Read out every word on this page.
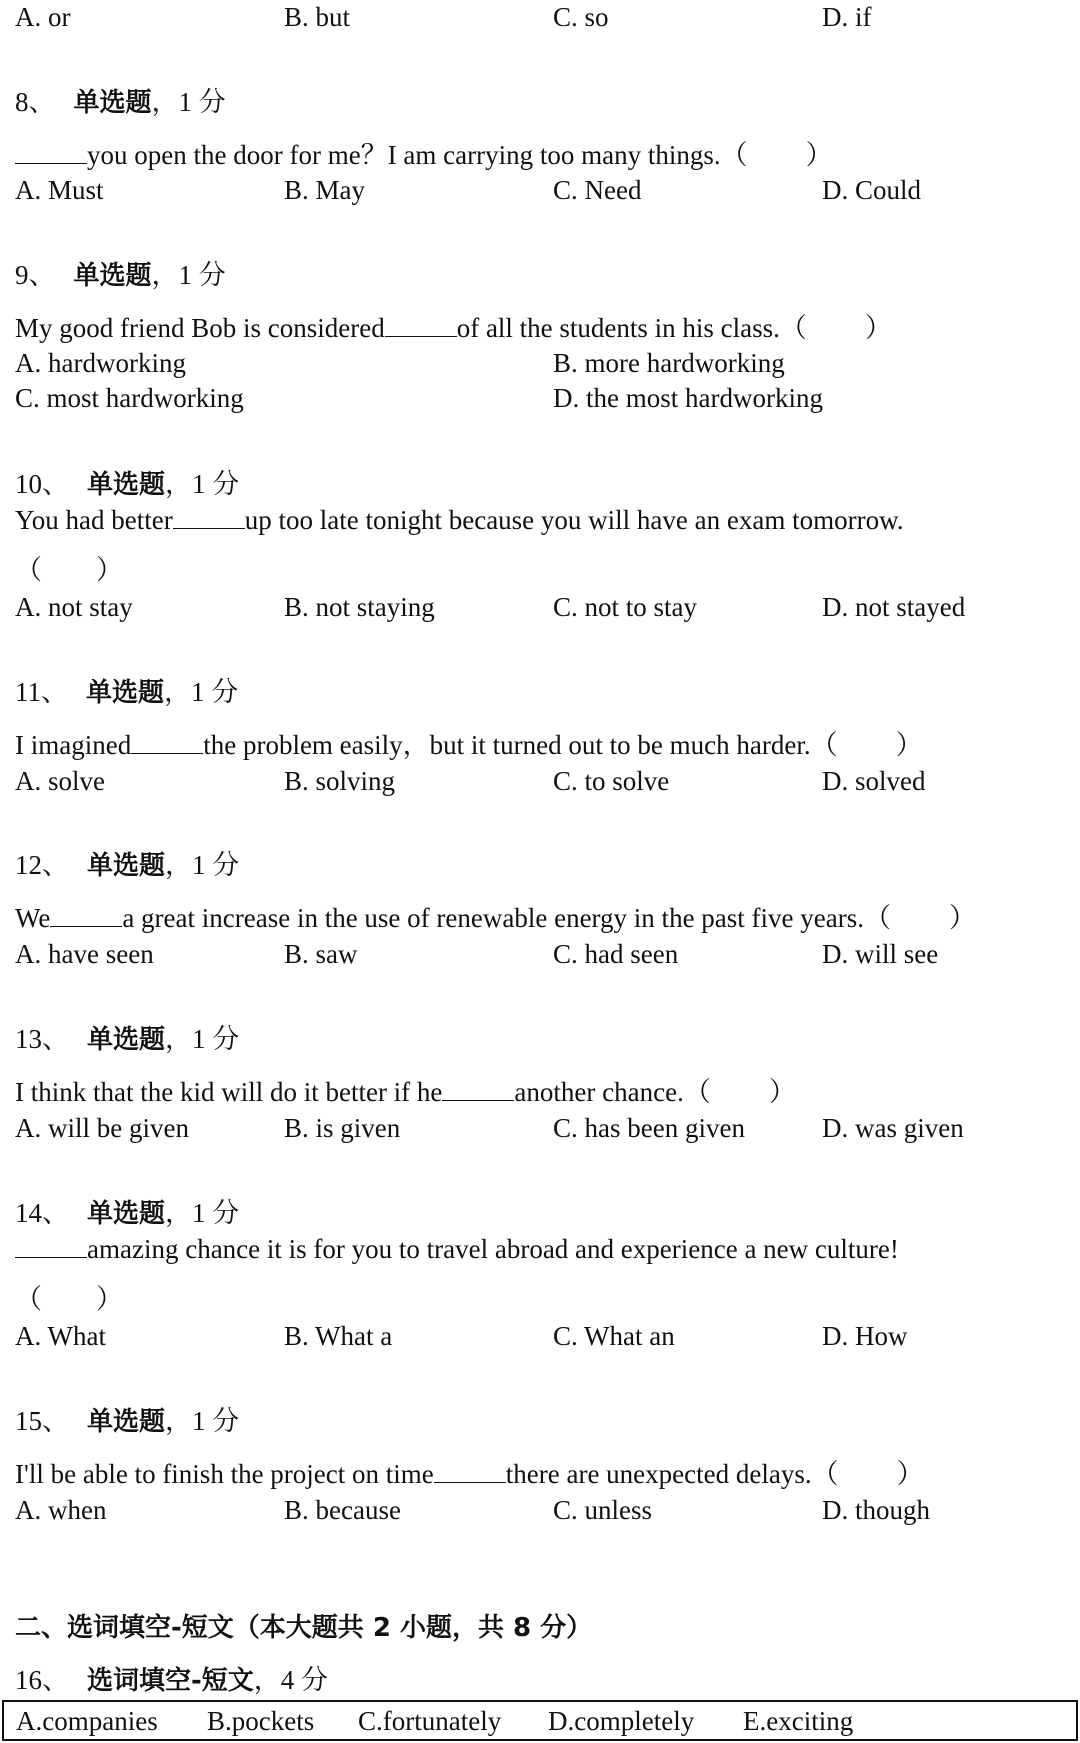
A. or	B. but	C. so	D. if
8、 单选题，1 分
you open the door for me？I am carrying too many things.（ ）
A. Must	B. May	C. Need	D. Could
9、 单选题，1 分
My good friend Bob is considered	of all the students in his class.（ ）
A. hardworking	B. more hardworking
C. most hardworking	D. the most hardworking
10、 单选题，1 分
You had better	up too late tonight because you will have an exam tomorrow.
（　　）
A. not stay	B. not staying	C. not to stay	D. not stayed
11、 单选题，1 分
I imagined	the problem easily，but it turned out to be much harder.（ ）
A. solve	B. solving	C. to solve	D. solved
12、 单选题，1 分
We	a great increase in the use of renewable energy in the past five years.（ ）
A. have seen	B. saw	C. had seen	D. will see
13、 单选题，1 分
I think that the kid will do it better if he	another chance.（ ）
A. will be given	B. is given	C. has been given	D. was given
14、 单选题，1 分
amazing chance it is for you to travel abroad and experience a new culture!
（　　）
A. What	B. What a	C. What an	D. How
15、 单选题，1 分
I'll be able to finish the project on time	there are unexpected delays.（ ）
A. when	B. because	C. unless	D. though
二、选词填空-短文（本大题共 2 小题，共 8 分）
16、 选词填空-短文，4 分
A.companies B.pockets C.fortunately D.completely E.exciting
